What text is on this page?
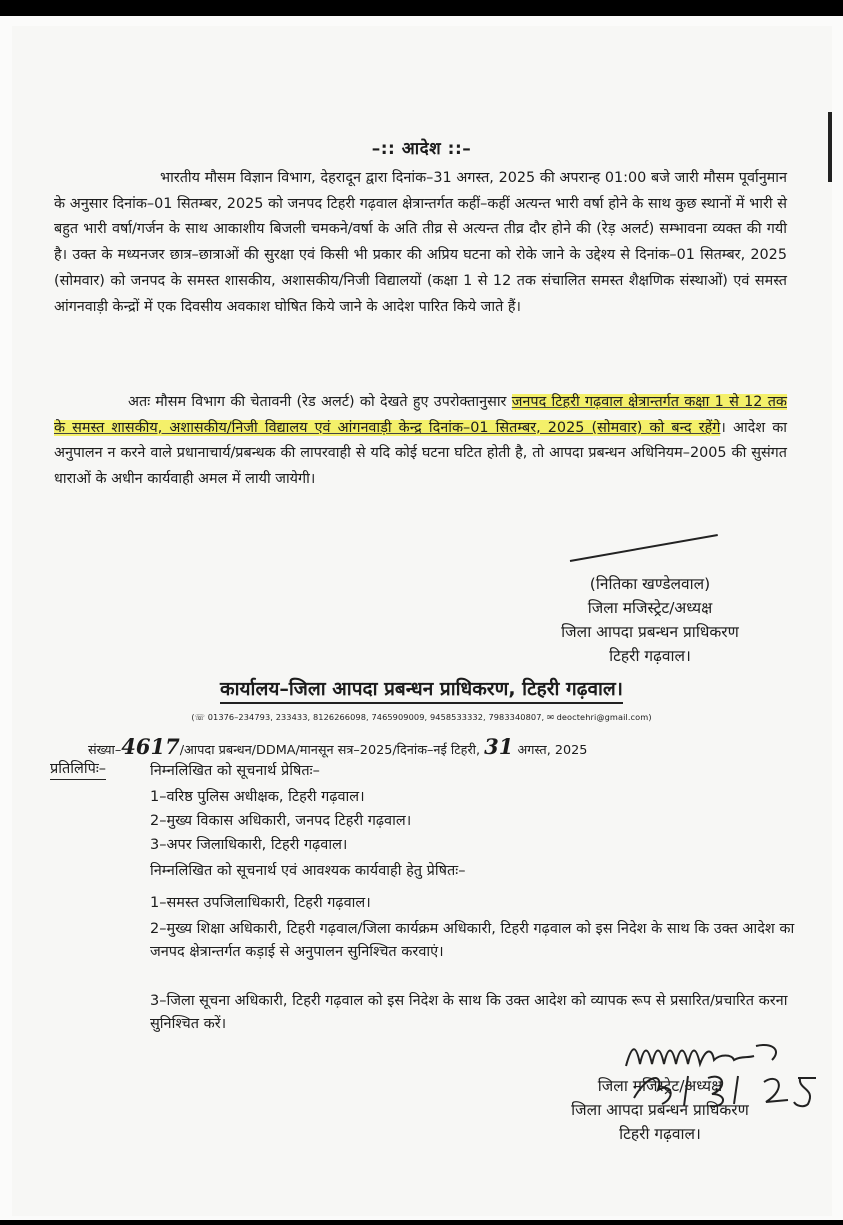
–:: आदेश ::–
भारतीय मौसम विज्ञान विभाग, देहरादून द्वारा दिनांक–31 अगस्त, 2025 की अपरान्ह 01:00 बजे जारी मौसम पूर्वानुमान के अनुसार दिनांक–01 सितम्बर, 2025 को जनपद टिहरी गढ़वाल क्षेत्रान्तर्गत कहीं–कहीं अत्यन्त भारी वर्षा होने के साथ कुछ स्थानों में भारी से बहुत भारी वर्षा/गर्जन के साथ आकाशीय बिजली चमकने/वर्षा के अति तीव्र से अत्यन्त तीव्र दौर होने की (रेड़ अलर्ट) सम्भावना व्यक्त की गयी है। उक्त के मध्यनजर छात्र–छात्राओं की सुरक्षा एवं किसी भी प्रकार की अप्रिय घटना को रोके जाने के उद्देश्य से दिनांक–01 सितम्बर, 2025 (सोमवार) को जनपद के समस्त शासकीय, अशासकीय/निजी विद्यालयों (कक्षा 1 से 12 तक संचालित समस्त शैक्षणिक संस्थाओं) एवं समस्त आंगनवाड़ी केन्द्रों में एक दिवसीय अवकाश घोषित किये जाने के आदेश पारित किये जाते हैं।
अतः मौसम विभाग की चेतावनी (रेड अलर्ट) को देखते हुए उपरोक्तानुसार जनपद टिहरी गढ़वाल क्षेत्रान्तर्गत कक्षा 1 से 12 तक के समस्त शासकीय, अशासकीय/निजी विद्यालय एवं आंगनवाड़ी केन्द्र दिनांक–01 सितम्बर, 2025 (सोमवार) को बन्द रहेंगे। आदेश का अनुपालन न करने वाले प्रधानाचार्य/प्रबन्धक की लापरवाही से यदि कोई घटना घटित होती है, तो आपदा प्रबन्धन अधिनियम–2005 की सुसंगत धाराओं के अधीन कार्यवाही अमल में लायी जायेगी।
(नितिका खण्डेलवाल)
जिला मजिस्ट्रेट/अध्यक्ष
जिला आपदा प्रबन्धन प्राधिकरण
टिहरी गढ़वाल।
कार्यालय–जिला आपदा प्रबन्धन प्राधिकरण, टिहरी गढ़वाल।
(☏ 01376–234793, 233433, 8126266098, 7465909009, 9458533332, 7983340807, ✉ deoctehri@gmail.com)
संख्या–4617/आपदा प्रबन्धन/DDMA/मानसून सत्र–2025/दिनांक–नई टिहरी, 31 अगस्त, 2025
प्रतिलिपिः–	निम्नलिखित को सूचनार्थ प्रेषितः–
1–वरिष्ठ पुलिस अधीक्षक, टिहरी गढ़वाल।
2–मुख्य विकास अधिकारी, जनपद टिहरी गढ़वाल।
3–अपर जिलाधिकारी, टिहरी गढ़वाल।
निम्नलिखित को सूचनार्थ एवं आवश्यक कार्यवाही हेतु प्रेषितः–
1–समस्त उपजिलाधिकारी, टिहरी गढ़वाल।
2–मुख्य शिक्षा अधिकारी, टिहरी गढ़वाल/जिला कार्यक्रम अधिकारी, टिहरी गढ़वाल को इस निदेश के साथ कि उक्त आदेश का जनपद क्षेत्रान्तर्गत कड़ाई से अनुपालन सुनिश्चित करवाएं।
3–जिला सूचना अधिकारी, टिहरी गढ़वाल को इस निदेश के साथ कि उक्त आदेश को व्यापक रूप से प्रसारित/प्रचारित करना सुनिश्चित करें।
जिला मजिस्ट्रेट/अध्यक्ष
जिला आपदा प्रबन्धन प्राधिकरण
टिहरी गढ़वाल।
